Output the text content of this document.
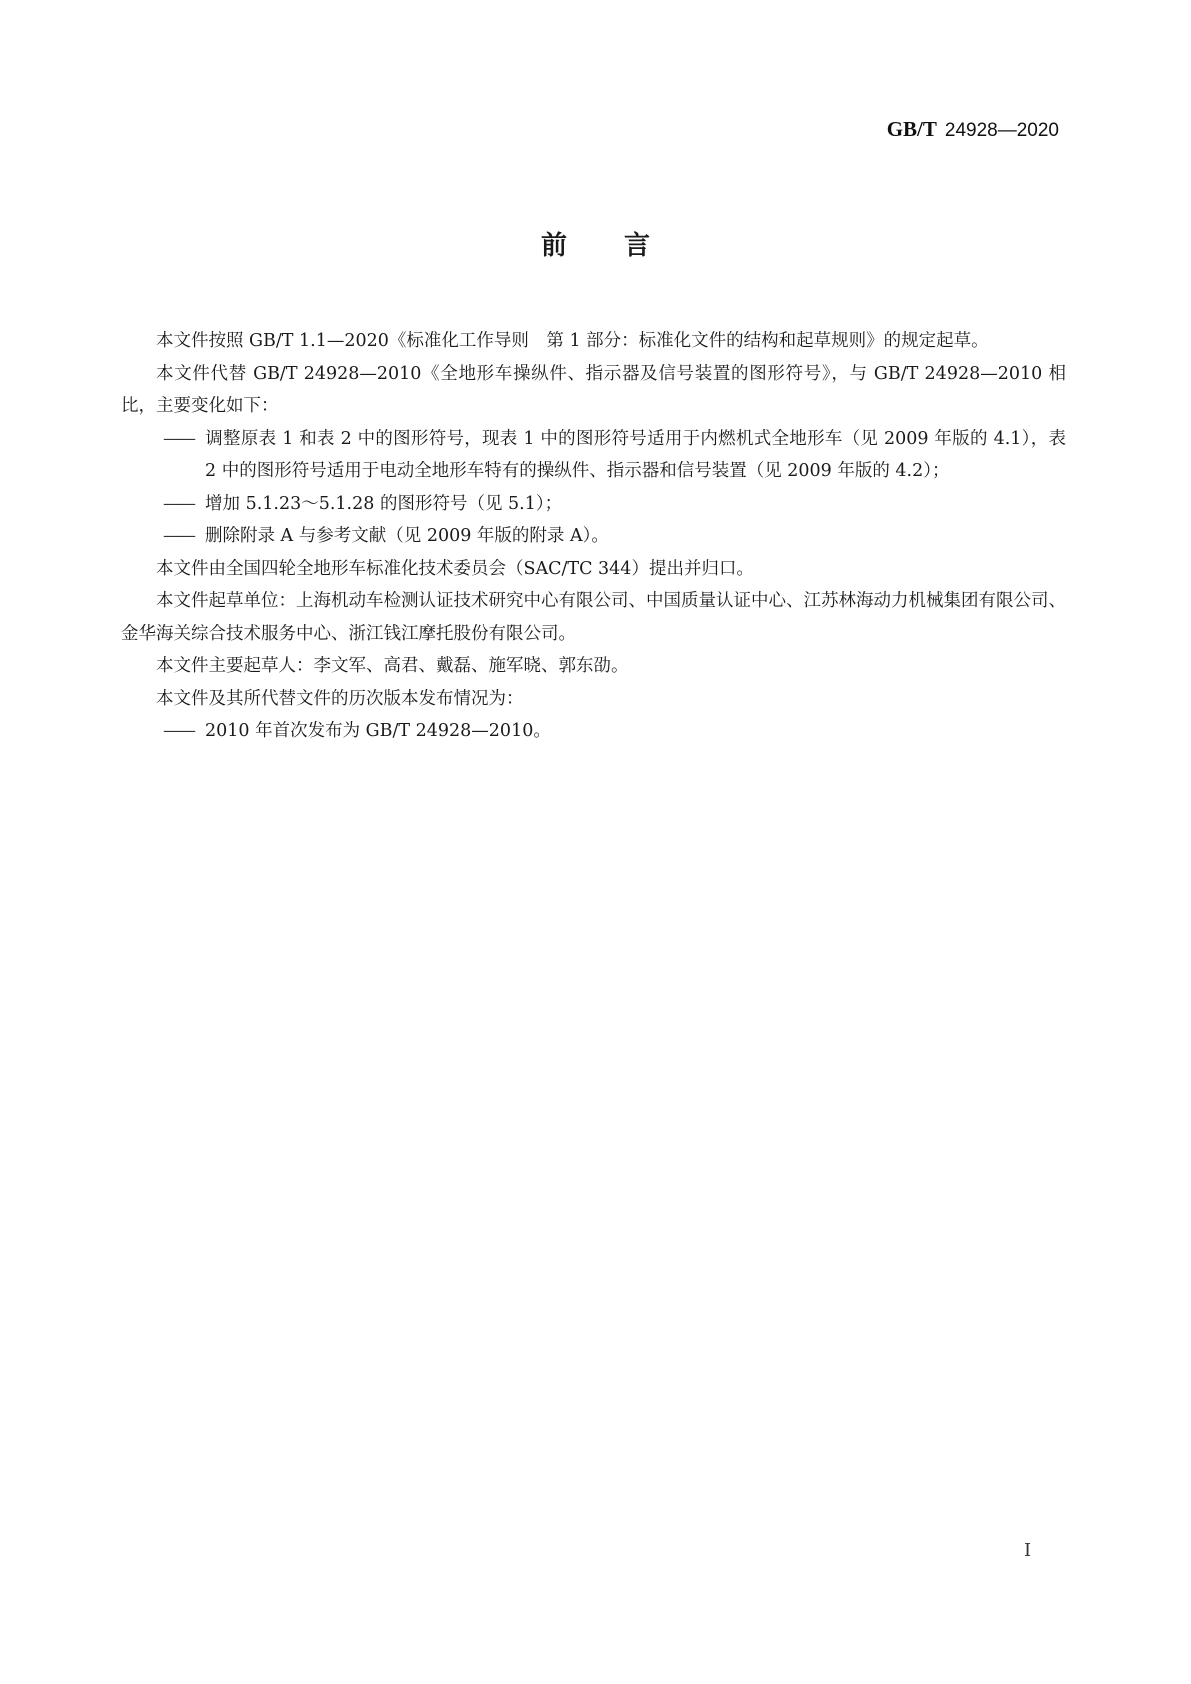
GB/T 24928—2020
前 言

本文件按照 GB/T 1.1—2020《标准化工作导则　第 1 部分：标准化文件的结构和起草规则》的规定起草。

本文件代替 GB/T 24928—2010《全地形车操纵件、指示器及信号装置的图形符号》，与 GB/T 24928—2010 相比，主要变化如下：

—— 调整原表 1 和表 2 中的图形符号，现表 1 中的图形符号适用于内燃机式全地形车（见 2009 年版的 4.1），表 2 中的图形符号适用于电动全地形车特有的操纵件、指示器和信号装置（见 2009 年版的 4.2）；

—— 增加 5.1.23～5.1.28 的图形符号（见 5.1）；

—— 删除附录 A 与参考文献（见 2009 年版的附录 A）。

本文件由全国四轮全地形车标准化技术委员会（SAC/TC 344）提出并归口。

本文件起草单位：上海机动车检测认证技术研究中心有限公司、中国质量认证中心、江苏林海动力机械集团有限公司、金华海关综合技术服务中心、浙江钱江摩托股份有限公司。

本文件主要起草人：李文军、高君、戴磊、施军晓、郭东劭。

本文件及其所代替文件的历次版本发布情况为：

—— 2010 年首次发布为 GB/T 24928—2010。

I
